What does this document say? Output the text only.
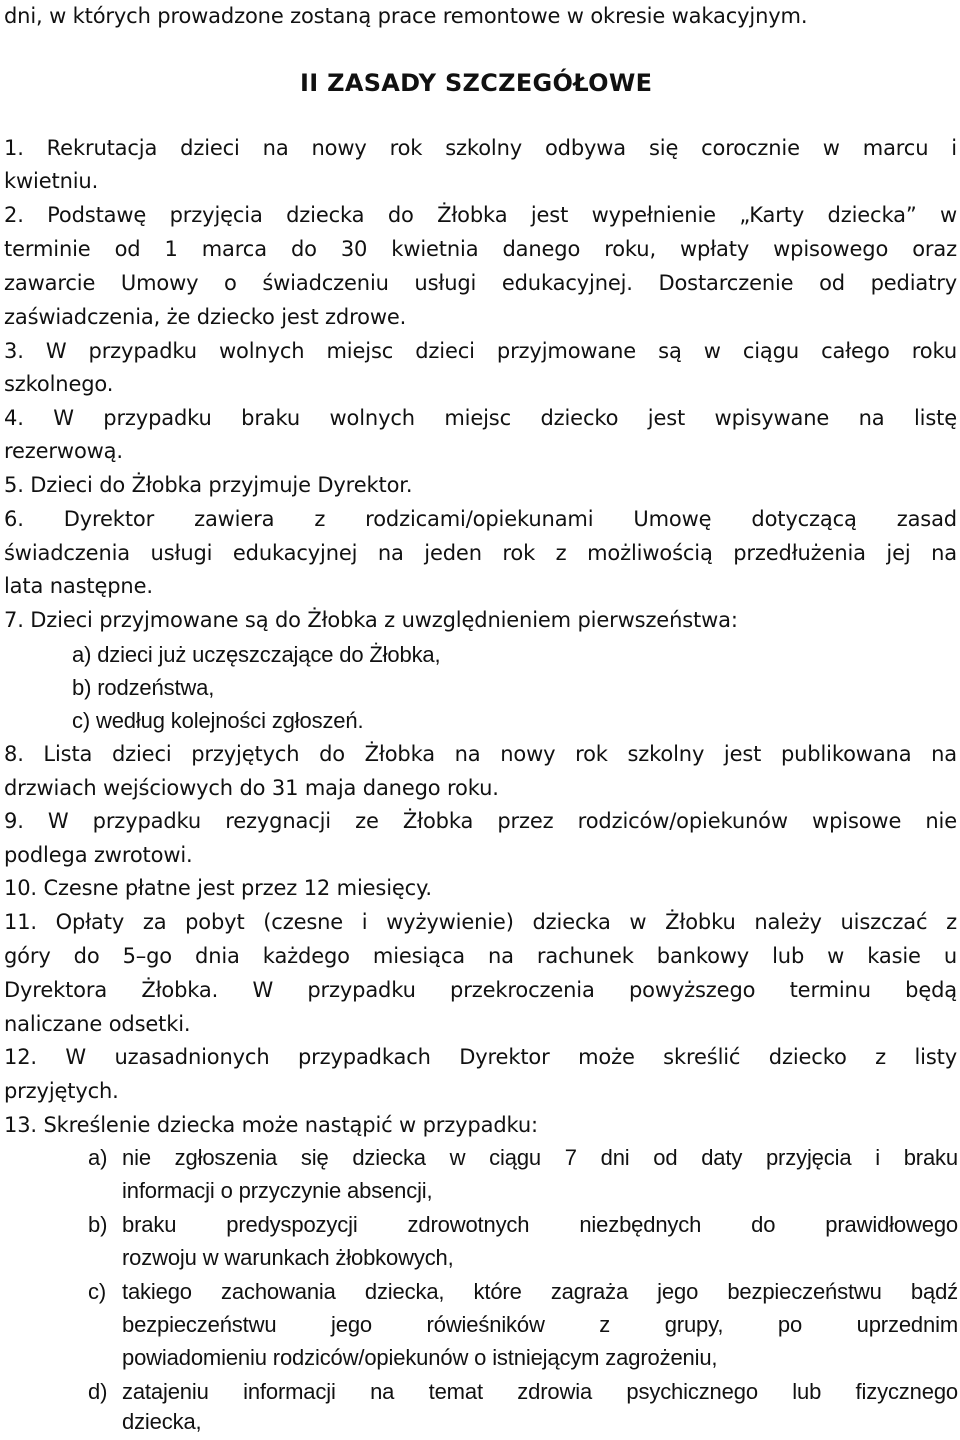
dni, w których prowadzone zostaną prace remontowe w okresie wakacyjnym.
II ZASADY SZCZEGÓŁOWE
1. Rekrutacja dzieci na nowy rok szkolny odbywa się corocznie w marcu i
kwietniu.
2. Podstawę przyjęcia dziecka do Żłobka jest wypełnienie „Karty dziecka” w
terminie od 1 marca do 30 kwietnia danego roku, wpłaty wpisowego oraz
zawarcie Umowy o świadczeniu usługi edukacyjnej. Dostarczenie od pediatry
zaświadczenia, że dziecko jest zdrowe.
3. W przypadku wolnych miejsc dzieci przyjmowane są w ciągu całego roku
szkolnego.
4. W przypadku braku wolnych miejsc dziecko jest wpisywane na listę
rezerwową.
5. Dzieci do Żłobka przyjmuje Dyrektor.
6. Dyrektor zawiera z rodzicami/opiekunami Umowę dotyczącą zasad
świadczenia usługi edukacyjnej na jeden rok z możliwością przedłużenia jej na
lata następne.
7. Dzieci przyjmowane są do Żłobka z uwzględnieniem pierwszeństwa:
a) dzieci już uczęszczające do Żłobka,
b) rodzeństwa,
c) według kolejności zgłoszeń.
8. Lista dzieci przyjętych do Żłobka na nowy rok szkolny jest publikowana na
drzwiach wejściowych do 31 maja danego roku.
9. W przypadku rezygnacji ze Żłobka przez rodziców/opiekunów wpisowe nie
podlega zwrotowi.
10. Czesne płatne jest przez 12 miesięcy.
11. Opłaty za pobyt (czesne i wyżywienie) dziecka w Żłobku należy uiszczać z
góry do 5–go dnia każdego miesiąca na rachunek bankowy lub w kasie u
Dyrektora Żłobka. W przypadku przekroczenia powyższego terminu będą
naliczane odsetki.
12. W uzasadnionych przypadkach Dyrektor może skreślić dziecko z listy
przyjętych.
13. Skreślenie dziecka może nastąpić w przypadku:
a) nie zgłoszenia się dziecka w ciągu 7 dni od daty przyjęcia i braku
informacji o przyczynie absencji,
b) braku predyspozycji zdrowotnych niezbędnych do prawidłowego
rozwoju w warunkach żłobkowych,
c) takiego zachowania dziecka, które zagraża jego bezpieczeństwu bądź
bezpieczeństwu jego rówieśników z grupy, po uprzednim
powiadomieniu rodziców/opiekunów o istniejącym zagrożeniu,
d) zatajeniu informacji na temat zdrowia psychicznego lub fizycznego
dziecka,
